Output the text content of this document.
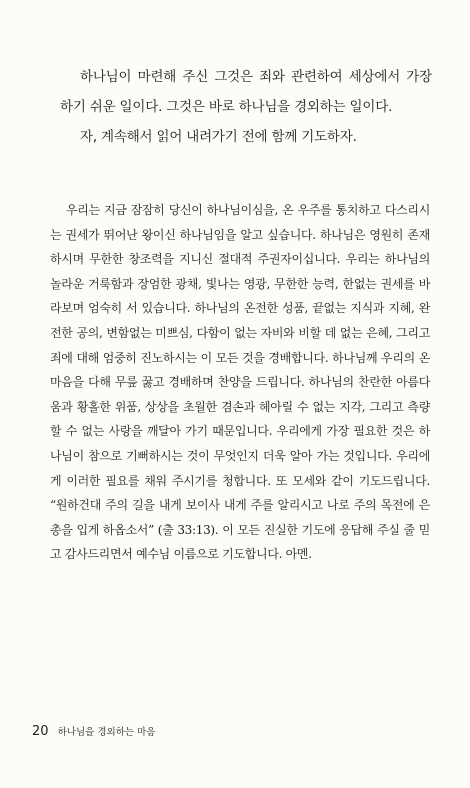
하나님이 마련해 주신 그것은 죄와 관련하여 세상에서 가장 하기 쉬운 일이다. 그것은 바로 하나님을 경외하는 일이다.

자, 계속해서 읽어 내려가기 전에 함께 기도하자.

우리는 지금 잠잠히 당신이 하나님이심을, 온 우주를 통치하고 다스리시는 권세가 뛰어난 왕이신 하나님임을 알고 싶습니다. 하나님은 영원히 존재하시며 무한한 창조력을 지니신 절대적 주권자이십니다. 우리는 하나님의 놀라운 거룩함과 장엄한 광채, 빛나는 영광, 무한한 능력, 한없는 권세를 바라보며 엄숙히 서 있습니다. 하나님의 온전한 성품, 끝없는 지식과 지혜, 완전한 공의, 변함없는 미쁘심, 다함이 없는 자비와 비할 데 없는 은혜, 그리고 죄에 대해 엄중히 진노하시는 이 모든 것을 경배합니다. 하나님께 우리의 온 마음을 다해 무릎 꿇고 경배하며 찬양을 드립니다. 하나님의 찬란한 아름다움과 황홀한 위품, 상상을 초월한 겸손과 헤아릴 수 없는 지각, 그리고 측량할 수 없는 사랑을 깨달아 가기 때문입니다. 우리에게 가장 필요한 것은 하나님이 참으로 기뻐하시는 것이 무엇인지 더욱 알아 가는 것입니다. 우리에게 이러한 필요를 채워 주시기를 청합니다. 또 모세와 같이 기도드립니다. “원하건대 주의 길을 내게 보이사 내게 주를 알리시고 나로 주의 목전에 은총을 입게 하옵소서” (출 33:13). 이 모든 진실한 기도에 응답해 주실 줄 믿고 감사드리면서 예수님 이름으로 기도합니다. 아멘.

20 하나님을 경외하는 마음
